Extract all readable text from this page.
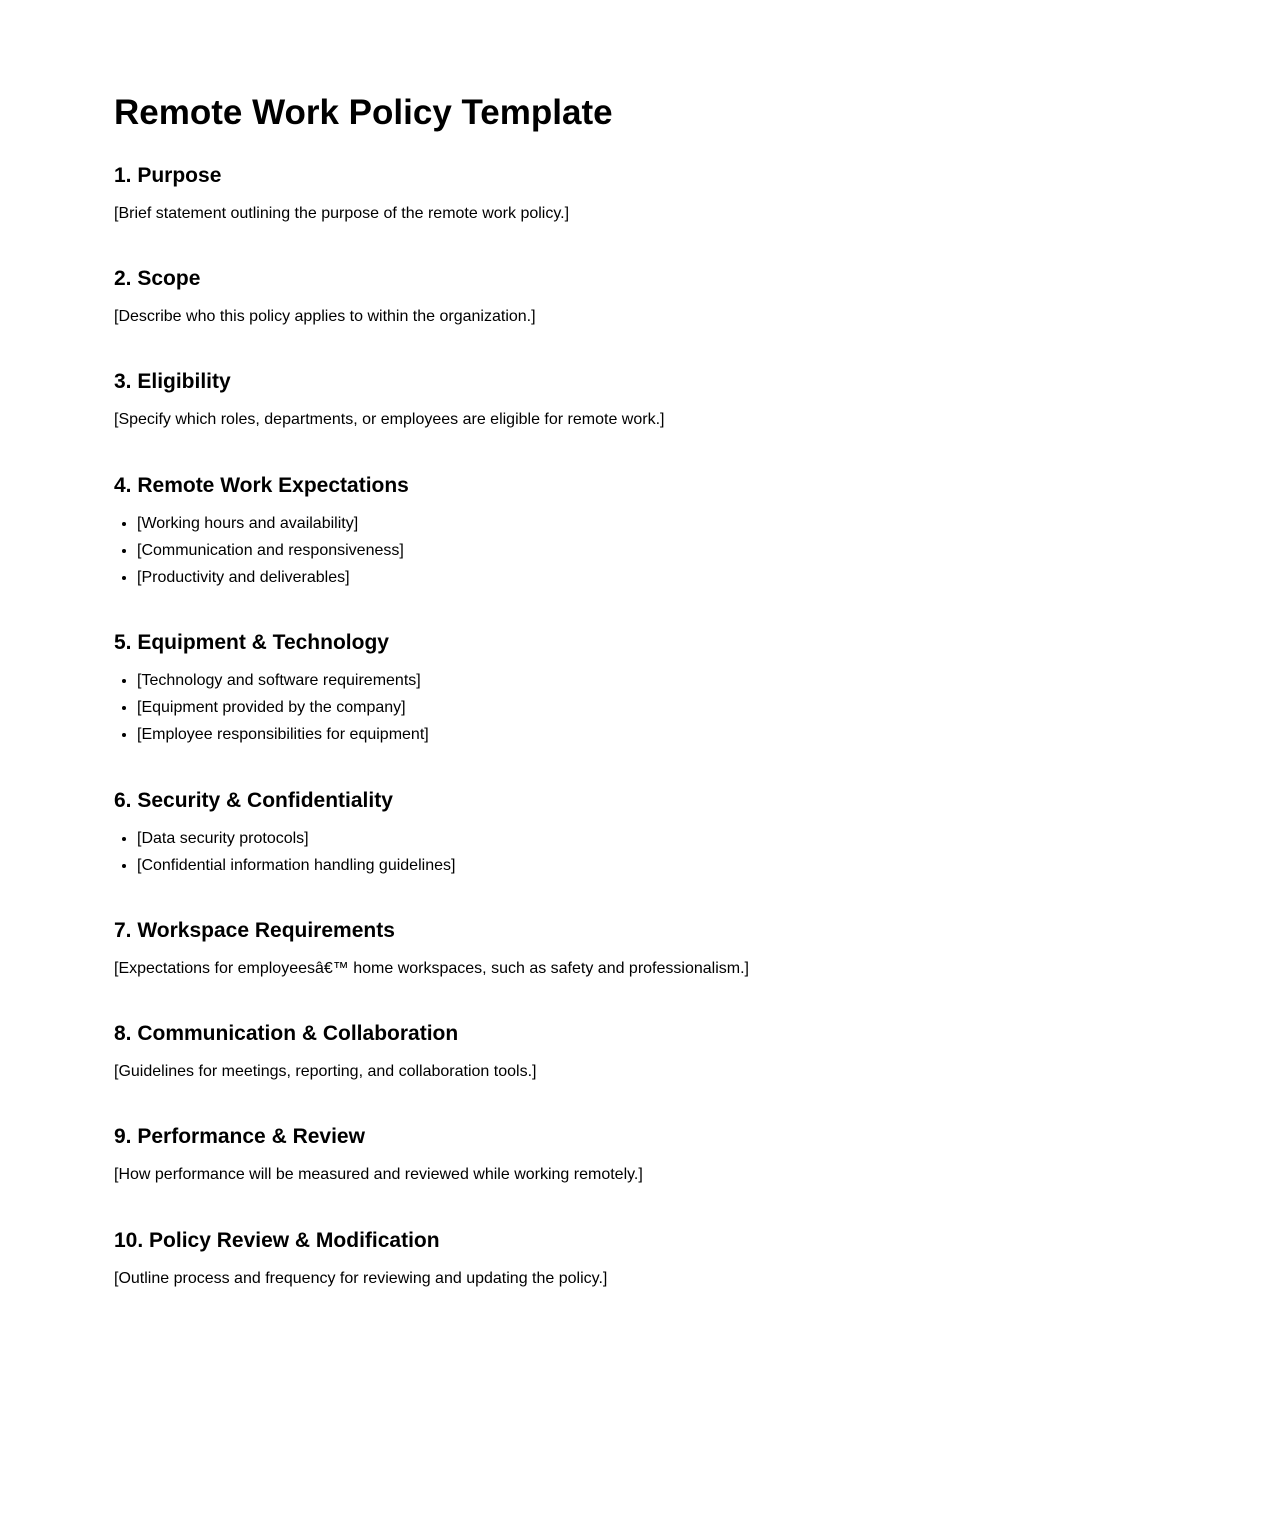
Remote Work Policy Template
1. Purpose

[Brief statement outlining the purpose of the remote work policy.]

2. Scope

[Describe who this policy applies to within the organization.]

3. Eligibility

[Specify which roles, departments, or employees are eligible for remote work.]

4. Remote Work Expectations
• [Working hours and availability]
• [Communication and responsiveness]
• [Productivity and deliverables]
5. Equipment & Technology
• [Technology and software requirements]
• [Equipment provided by the company]
• [Employee responsibilities for equipment]
6. Security & Confidentiality
• [Data security protocols]
• [Confidential information handling guidelines]
7. Workspace Requirements

[Expectations for employeesâ€™ home workspaces, such as safety and professionalism.]

8. Communication & Collaboration

[Guidelines for meetings, reporting, and collaboration tools.]

9. Performance & Review

[How performance will be measured and reviewed while working remotely.]

10. Policy Review & Modification

[Outline process and frequency for reviewing and updating the policy.]
